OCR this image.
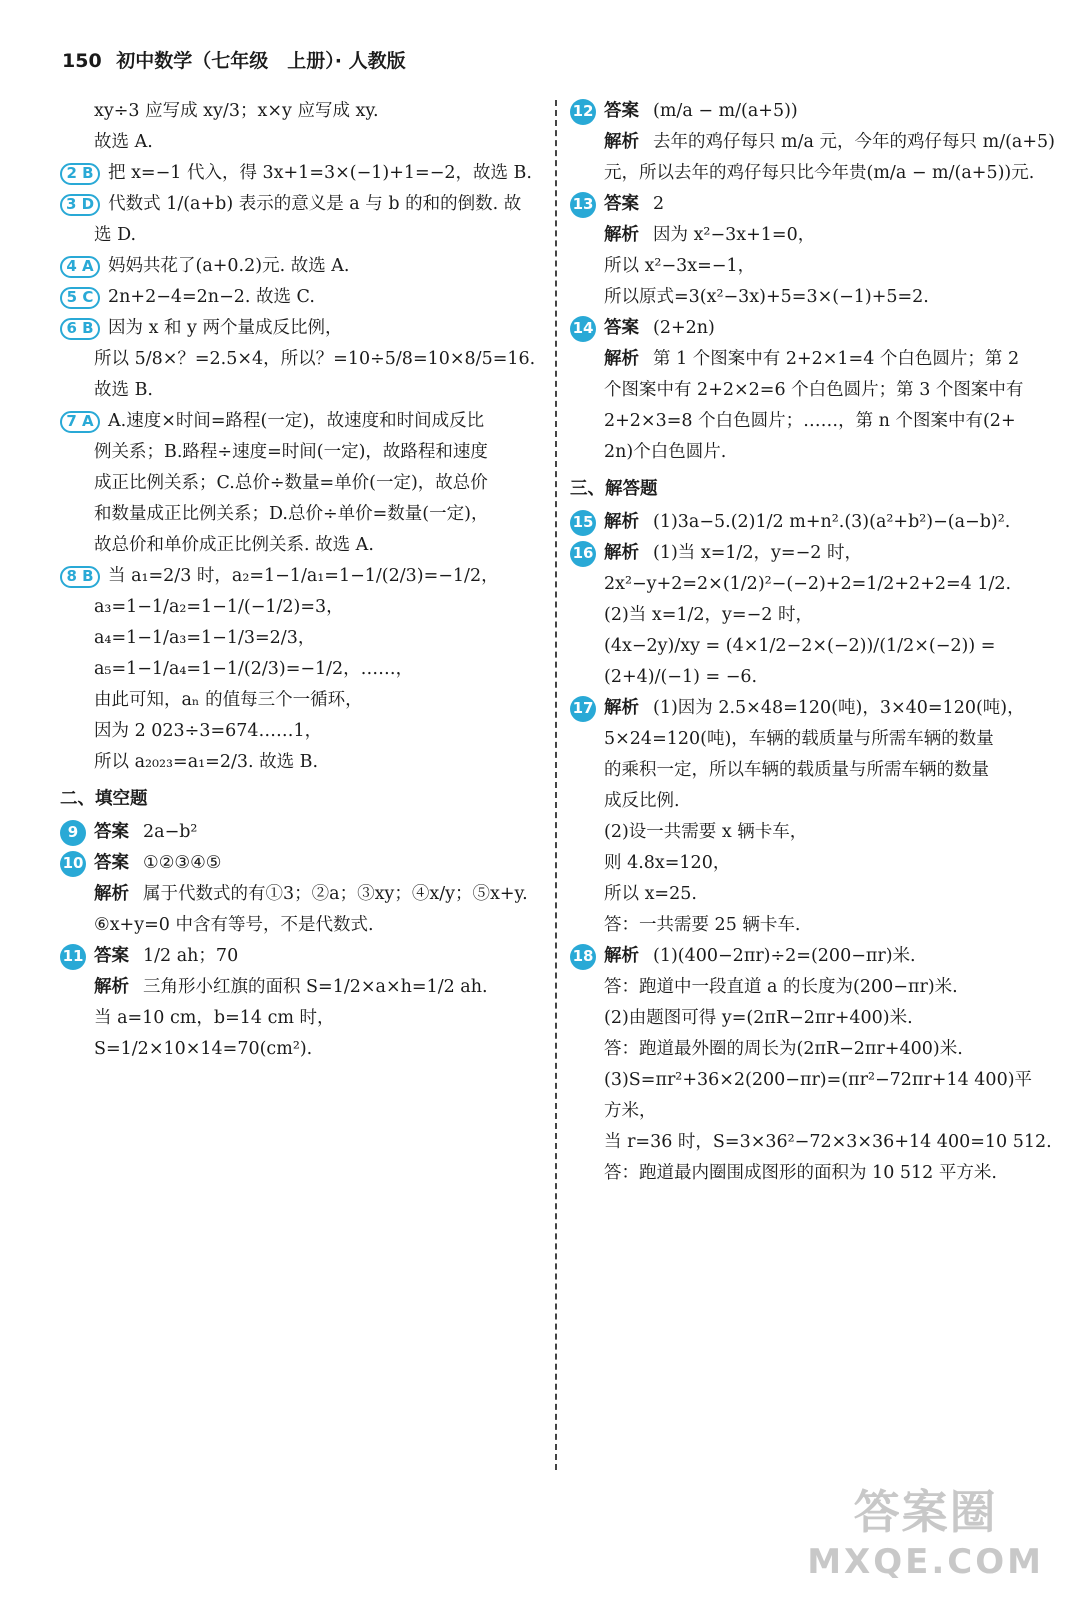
150 初中数学（七年级　上册）· 人教版
xy÷3 应写成 xy/3；x×y 应写成 xy.
故选 A.
2 B 把 x=−1 代入，得 3x+1=3×(−1)+1=−2，故选 B.
3 D 代数式 1/(a+b) 表示的意义是 a 与 b 的和的倒数. 故
选 D.
4 A 妈妈共花了(a+0.2)元. 故选 A.
5 C 2n+2−4=2n−2. 故选 C.
6 B 因为 x 和 y 两个量成反比例，
所以 5/8×？=2.5×4，所以？=10÷5/8=10×8/5=16.
故选 B.
7 A A.速度×时间=路程(一定)，故速度和时间成反比
例关系；B.路程÷速度=时间(一定)，故路程和速度
成正比例关系；C.总价÷数量=单价(一定)，故总价
和数量成正比例关系；D.总价÷单价=数量(一定)，
故总价和单价成正比例关系. 故选 A.
8 B 当 a₁=2/3 时，a₂=1−1/a₁=1−1/(2/3)=−1/2，
a₃=1−1/a₂=1−1/(−1/2)=3，
a₄=1−1/a₃=1−1/3=2/3，
a₅=1−1/a₄=1−1/(2/3)=−1/2，……，
由此可知，aₙ 的值每三个一循环，
因为 2 023÷3=674……1，
所以 a₂₀₂₃=a₁=2/3. 故选 B.
二、填空题
9 答案 2a−b²
10 答案 ①②③④⑤
解析 属于代数式的有①3；②a；③xy；④x/y；⑤x+y.
⑥x+y=0 中含有等号，不是代数式.
11 答案 1/2 ah；70
解析 三角形小红旗的面积 S=1/2×a×h=1/2 ah.
当 a=10 cm，b=14 cm 时，S=1/2×10×14=70(cm²).
12 答案 (m/a − m/(a+5))
解析 去年的鸡仔每只 m/a 元，今年的鸡仔每只 m/(a+5)
元，所以去年的鸡仔每只比今年贵(m/a − m/(a+5))元.
13 答案 2
解析 因为 x²−3x+1=0，
所以 x²−3x=−1，
所以原式=3(x²−3x)+5=3×(−1)+5=2.
14 答案 (2+2n)
解析 第 1 个图案中有 2+2×1=4 个白色圆片；第 2
个图案中有 2+2×2=6 个白色圆片；第 3 个图案中有
2+2×3=8 个白色圆片；……，第 n 个图案中有(2+
2n)个白色圆片.
三、解答题
15 解析 (1)3a−5.(2)1/2 m+n².(3)(a²+b²)−(a−b)².
16 解析 (1)当 x=1/2，y=−2 时，
2x²−y+2=2×(1/2)²−(−2)+2=1/2+2+2=4 1/2.
(2)当 x=1/2，y=−2 时，
(4x−2y)/xy = (4×1/2−2×(−2))/(1/2×(−2)) = (2+4)/(−1) = −6.
17 解析 (1)因为 2.5×48=120(吨)，3×40=120(吨)，
5×24=120(吨)，车辆的载质量与所需车辆的数量
的乘积一定，所以车辆的载质量与所需车辆的数量
成反比例.
(2)设一共需要 x 辆卡车，
则 4.8x=120，
所以 x=25.
答：一共需要 25 辆卡车.
18 解析 (1)(400−2πr)÷2=(200−πr)米.
答：跑道中一段直道 a 的长度为(200−πr)米.
(2)由题图可得 y=(2πR−2πr+400)米.
答：跑道最外圈的周长为(2πR−2πr+400)米.
(3)S=πr²+36×2(200−πr)=(πr²−72πr+14 400)平
方米，
当 r=36 时，S=3×36²−72×3×36+14 400=10 512.
答：跑道最内圈围成图形的面积为 10 512 平方米.
答案圈
MXQE.COM
